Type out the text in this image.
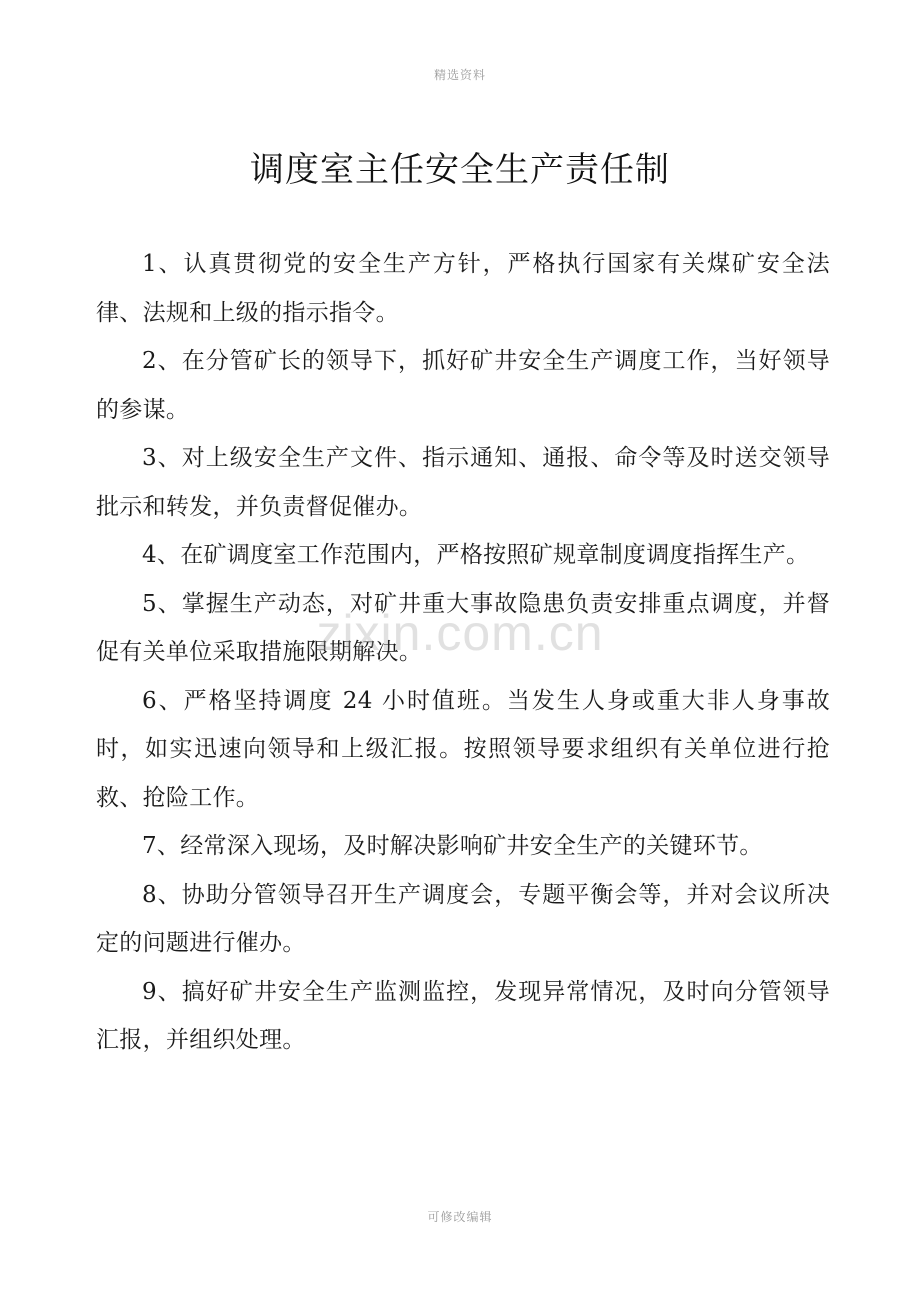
精选资料
调度室主任安全生产责任制

1、认真贯彻党的安全生产方针，严格执行国家有关煤矿安全法律、法规和上级的指示指令。

2、在分管矿长的领导下，抓好矿井安全生产调度工作，当好领导的参谋。

3、对上级安全生产文件、指示通知、通报、命令等及时送交领导批示和转发，并负责督促催办。

4、在矿调度室工作范围内，严格按照矿规章制度调度指挥生产。

5、掌握生产动态，对矿井重大事故隐患负责安排重点调度，并督促有关单位采取措施限期解决。

6、严格坚持调度 24 小时值班。当发生人身或重大非人身事故时，如实迅速向领导和上级汇报。按照领导要求组织有关单位进行抢救、抢险工作。

7、经常深入现场，及时解决影响矿井安全生产的关键环节。

8、协助分管领导召开生产调度会，专题平衡会等，并对会议所决定的问题进行催办。

9、搞好矿井安全生产监测监控，发现异常情况，及时向分管领导汇报，并组织处理。

zixin.com.cn
可修改编辑
